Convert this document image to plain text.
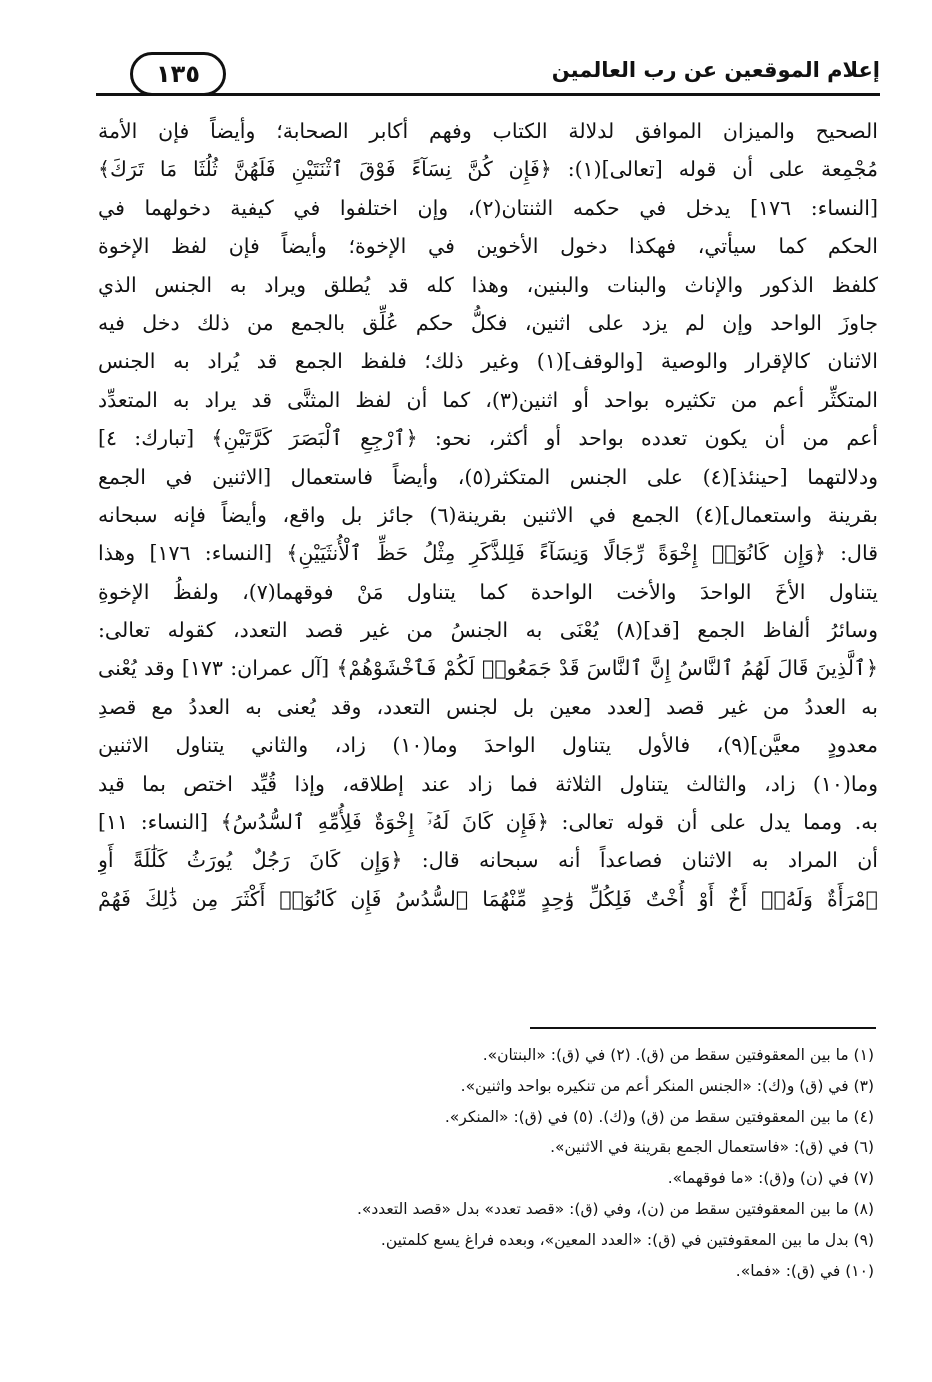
إعلام الموقعين عن رب العالمين
١٣٥
الصحيح والميزان الموافق لدلالة الكتاب وفهم أكابر الصحابة؛ وأيضاً فإن الأمة
مُجْمِعة على أن قوله [تعالى](١): ﴿فَإِن كُنَّ نِسَآءً فَوْقَ ٱثْنَتَيْنِ فَلَهُنَّ ثُلُثَا مَا تَرَكَ﴾
[النساء: ١٧٦] يدخل في حكمه الثنتان(٢)، وإن اختلفوا في كيفية دخولهما في
الحكم كما سيأتي، فهكذا دخول الأخوين في الإخوة؛ وأيضاً فإن لفظ الإخوة
كلفظ الذكور والإناث والبنات والبنين، وهذا كله قد يُطلق ويراد به الجنس الذي
جاوزَ الواحد وإن لم يزد على اثنين، فكلُّ حكم عُلِّق بالجمع من ذلك دخل فيه
الاثنان كالإقرار والوصية [والوقف](١) وغير ذلك؛ فلفظ الجمع قد يُراد به الجنس
المتكثِّر أعم من تكثيره بواحد أو اثنين(٣)، كما أن لفظ المثنَّى قد يراد به المتعدِّد
أعم من أن يكون تعدده بواحد أو أكثر، نحو: ﴿ٱرْجِعِ ٱلْبَصَرَ كَرَّتَيْنِ﴾ [تبارك: ٤]
ودلالتهما [حينئذ](٤) على الجنس المتكثر(٥)، وأيضاً فاستعمال [الاثنين في الجمع
بقرينة واستعمال](٤) الجمع في الاثنين بقرينة(٦) جائز بل واقع، وأيضاً فإنه سبحانه
قال: ﴿وَإِن كَانُوٓا۟ إِخْوَةً رِّجَالًا وَنِسَآءً فَلِلذَّكَرِ مِثْلُ حَظِّ ٱلْأُنثَيَيْنِ﴾ [النساء: ١٧٦] وهذا
يتناول الأخَ الواحدَ والأخت الواحدة كما يتناول مَنْ فوقهما(٧)، ولفظُ الإخوةِ
وسائرُ ألفاظ الجمع [قد](٨) يُعْنَى به الجنسُ من غير قصد التعدد، كقوله تعالى:
﴿ٱلَّذِينَ قَالَ لَهُمُ ٱلنَّاسُ إِنَّ ٱلنَّاسَ قَدْ جَمَعُوا۟ لَكُمْ فَٱخْشَوْهُمْ﴾ [آل عمران: ١٧٣] وقد يُعْنى
به العددُ من غير قصد [لعدد معين بل لجنس التعدد، وقد يُعنى به العددُ مع قصدِ
معدودٍ معيَّن](٩)، فالأول يتناول الواحدَ وما(١٠) زاد، والثاني يتناول الاثنين
وما(١٠) زاد، والثالث يتناول الثلاثة فما زاد عند إطلاقه، وإذا قُيِّد اختص بما قيد
به. ومما يدل على أن قوله تعالى: ﴿فَإِن كَانَ لَهُۥٓ إِخْوَةٌ فَلِأُمِّهِ ٱلسُّدُسُ﴾ [النساء: ١١]
أن المراد به الاثنان فصاعداً أنه سبحانه قال: ﴿وَإِن كَانَ رَجُلٌ يُورَثُ كَلَٰلَةً أَوِ
ٱمْرَأَةٌ وَلَهُۥٓ أَخٌ أَوْ أُخْتٌ فَلِكُلِّ وَٰحِدٍ مِّنْهُمَا ٱلسُّدُسُ فَإِن كَانُوٓا۟ أَكْثَرَ مِن ذَٰلِكَ فَهُمْ
(١) ما بين المعقوفتين سقط من (ق). (٢) في (ق): «البنتان».
(٣) في (ق) و(ك): «الجنس المنكر أعم من تنكيره بواحد واثنين».
(٤) ما بين المعقوفتين سقط من (ق) و(ك). (٥) في (ق): «المنكر».
(٦) في (ق): «فاستعمال الجمع بقرينة في الاثنين».
(٧) في (ن) و(ق): «ما فوقهما».
(٨) ما بين المعقوفتين سقط من (ن)، وفي (ق): «قصد تعدد» بدل «قصد التعدد».
(٩) بدل ما بين المعقوفتين في (ق): «العدد المعين»، وبعده فراغ يسع كلمتين.
(١٠) في (ق): «فما».
